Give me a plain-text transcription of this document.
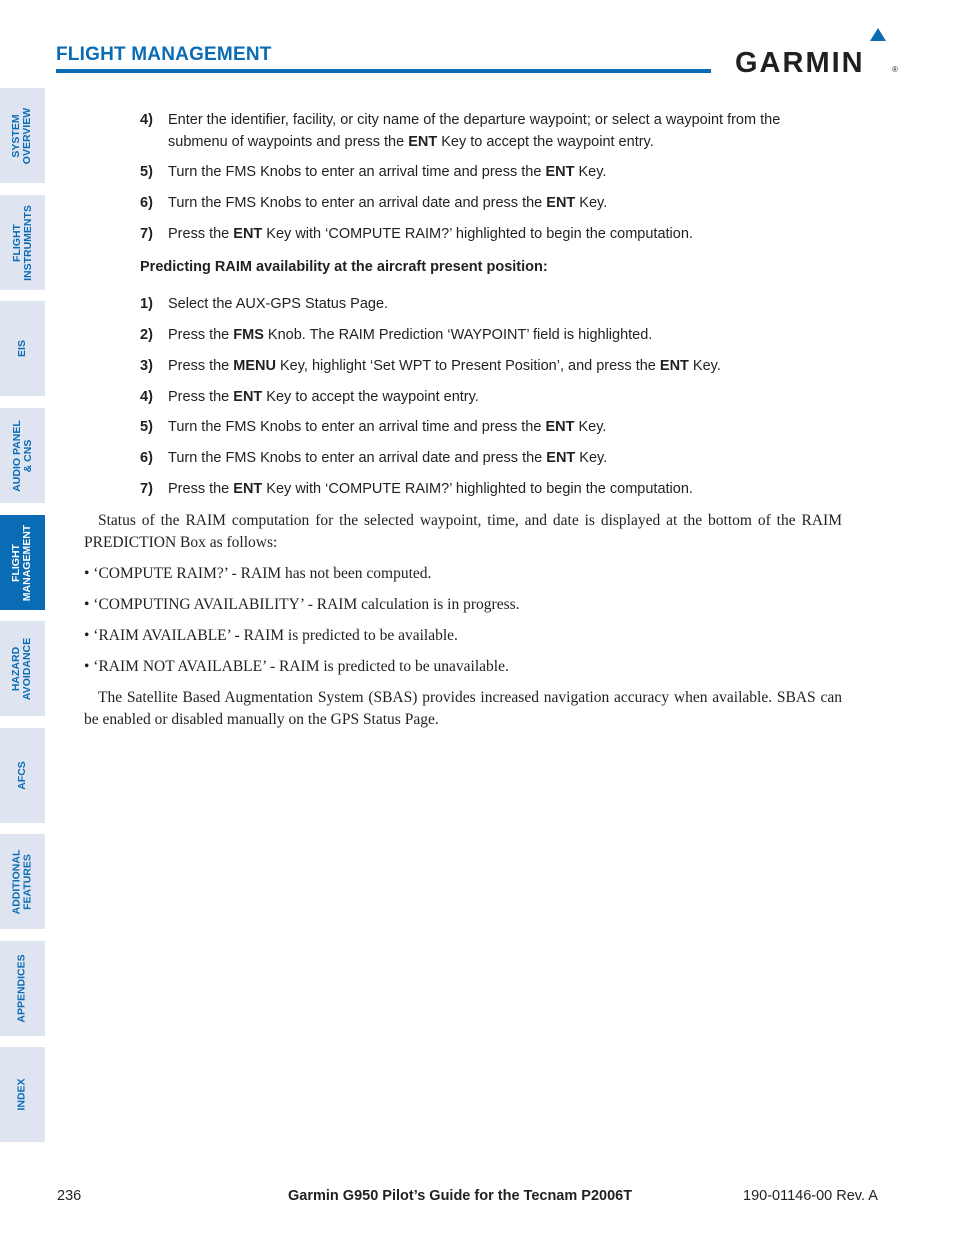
FLIGHT MANAGEMENT	GARMIN	®
SYSTEM
OVERVIEW
FLIGHT
INSTRUMENTS
EIS
AUDIO PANEL
& CNS
FLIGHT
MANAGEMENT
HAZARD
AVOIDANCE
AFCS
ADDITIONAL
FEATURES
APPENDICES
INDEX
4) Enter the identifier, facility, or city name of the departure waypoint; or select a waypoint from the submenu of waypoints and press the ENT Key to accept the waypoint entry.
5) Turn the FMS Knobs to enter an arrival time and press the ENT Key.
6) Turn the FMS Knobs to enter an arrival date and press the ENT Key.
7) Press the ENT Key with ‘COMPUTE RAIM?’ highlighted to begin the computation.
Predicting RAIM availability at the aircraft present position:
1) Select the AUX-GPS Status Page.
2) Press the FMS Knob. The RAIM Prediction ‘WAYPOINT’ field is highlighted.
3) Press the MENU Key, highlight ‘Set WPT to Present Position’, and press the ENT Key.
4) Press the ENT Key to accept the waypoint entry.
5) Turn the FMS Knobs to enter an arrival time and press the ENT Key.
6) Turn the FMS Knobs to enter an arrival date and press the ENT Key.
7) Press the ENT Key with ‘COMPUTE RAIM?’ highlighted to begin the computation.
Status of the RAIM computation for the selected waypoint, time, and date is displayed at the bottom of the RAIM PREDICTION Box as follows:
• ‘COMPUTE RAIM?’ - RAIM has not been computed.
• ‘COMPUTING AVAILABILITY’ - RAIM calculation is in progress.
• ‘RAIM AVAILABLE’ - RAIM is predicted to be available.
• ‘RAIM NOT AVAILABLE’ - RAIM is predicted to be unavailable.
The Satellite Based Augmentation System (SBAS) provides increased navigation accuracy when available. SBAS can be enabled or disabled manually on the GPS Status Page.
236	Garmin G950 Pilot’s Guide for the Tecnam P2006T	190-01146-00 Rev. A
